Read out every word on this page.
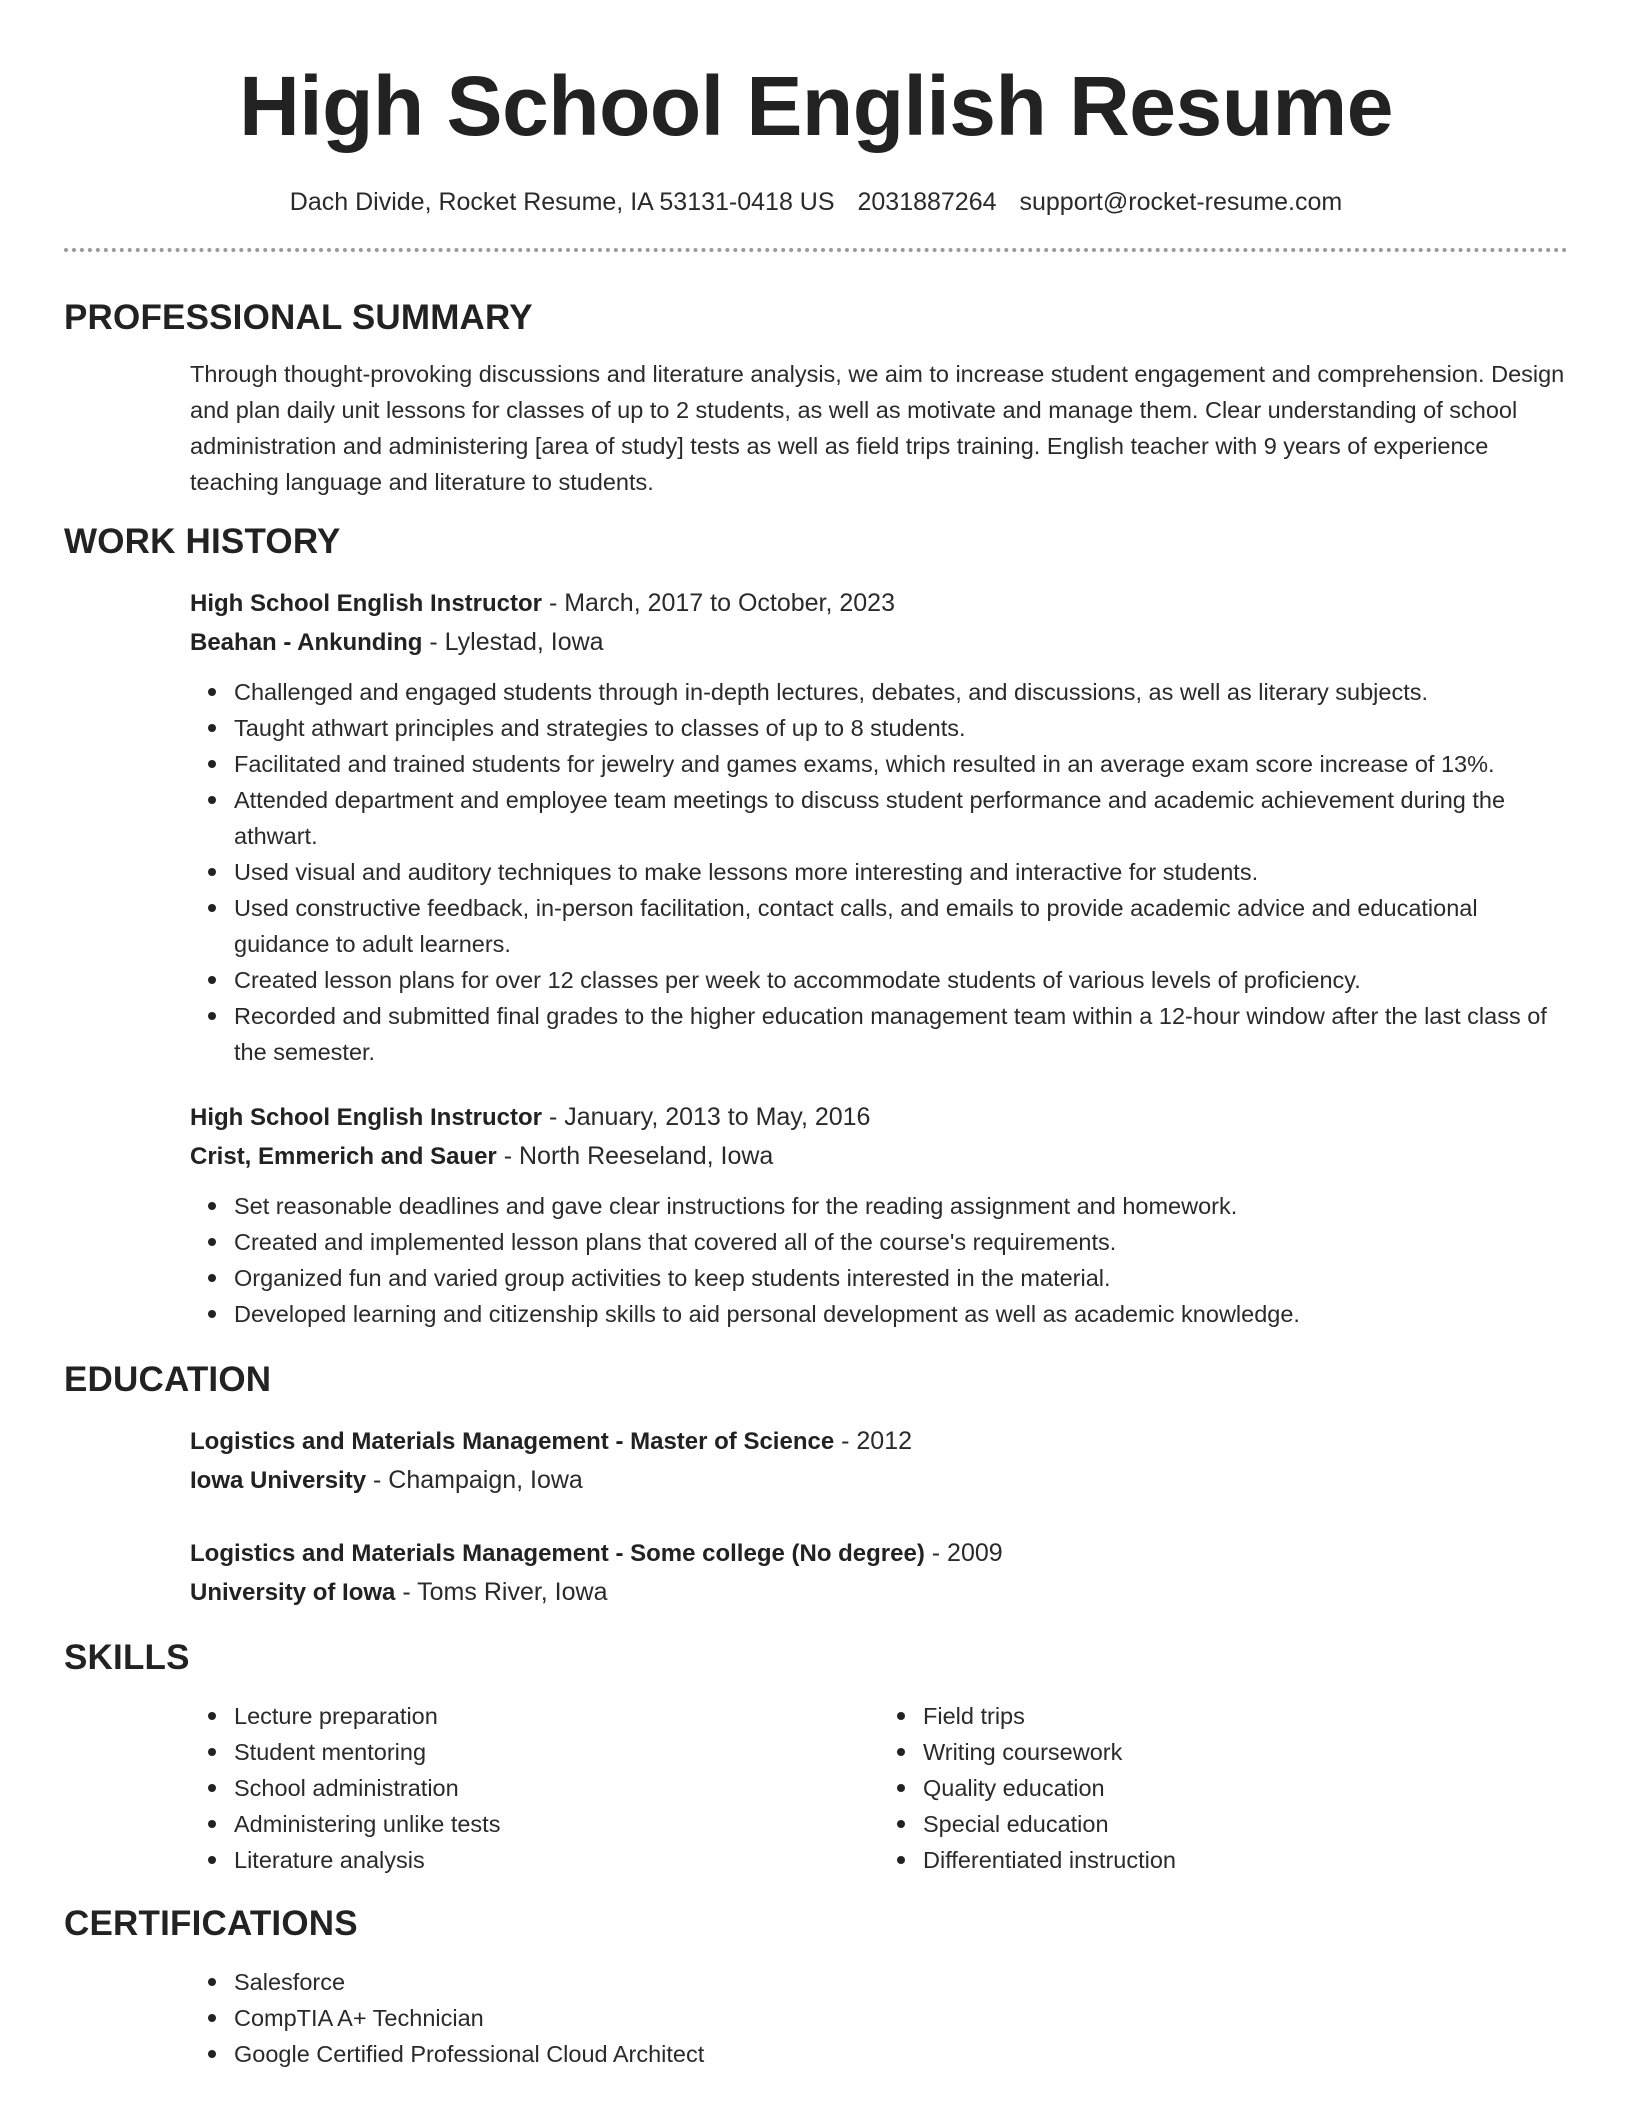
High School English Resume
Dach Divide, Rocket Resume, IA 53131-0418 US 2031887264 support@rocket-resume.com
PROFESSIONAL SUMMARY

Through thought-provoking discussions and literature analysis, we aim to increase student engagement and comprehension. Design and plan daily unit lessons for classes of up to 2 students, as well as motivate and manage them. Clear understanding of school administration and administering [area of study] tests as well as field trips training. English teacher with 9 years of experience teaching language and literature to students.

WORK HISTORY
High School English Instructor - March, 2017 to October, 2023
Beahan - Ankunding - Lylestad, Iowa
Challenged and engaged students through in-depth lectures, debates, and discussions, as well as literary subjects.
Taught athwart principles and strategies to classes of up to 8 students.
Facilitated and trained students for jewelry and games exams, which resulted in an average exam score increase of 13%.
Attended department and employee team meetings to discuss student performance and academic achievement during the athwart.
Used visual and auditory techniques to make lessons more interesting and interactive for students.
Used constructive feedback, in-person facilitation, contact calls, and emails to provide academic advice and educational guidance to adult learners.
Created lesson plans for over 12 classes per week to accommodate students of various levels of proficiency.
Recorded and submitted final grades to the higher education management team within a 12-hour window after the last class of the semester.
High School English Instructor - January, 2013 to May, 2016
Crist, Emmerich and Sauer - North Reeseland, Iowa
Set reasonable deadlines and gave clear instructions for the reading assignment and homework.
Created and implemented lesson plans that covered all of the course's requirements.
Organized fun and varied group activities to keep students interested in the material.
Developed learning and citizenship skills to aid personal development as well as academic knowledge.
EDUCATION
Logistics and Materials Management - Master of Science - 2012
Iowa University - Champaign, Iowa
Logistics and Materials Management - Some college (No degree) - 2009
University of Iowa - Toms River, Iowa
SKILLS
Lecture preparation
Student mentoring
School administration
Administering unlike tests
Literature analysis
Field trips
Writing coursework
Quality education
Special education
Differentiated instruction
CERTIFICATIONS
Salesforce
CompTIA A+ Technician
Google Certified Professional Cloud Architect
